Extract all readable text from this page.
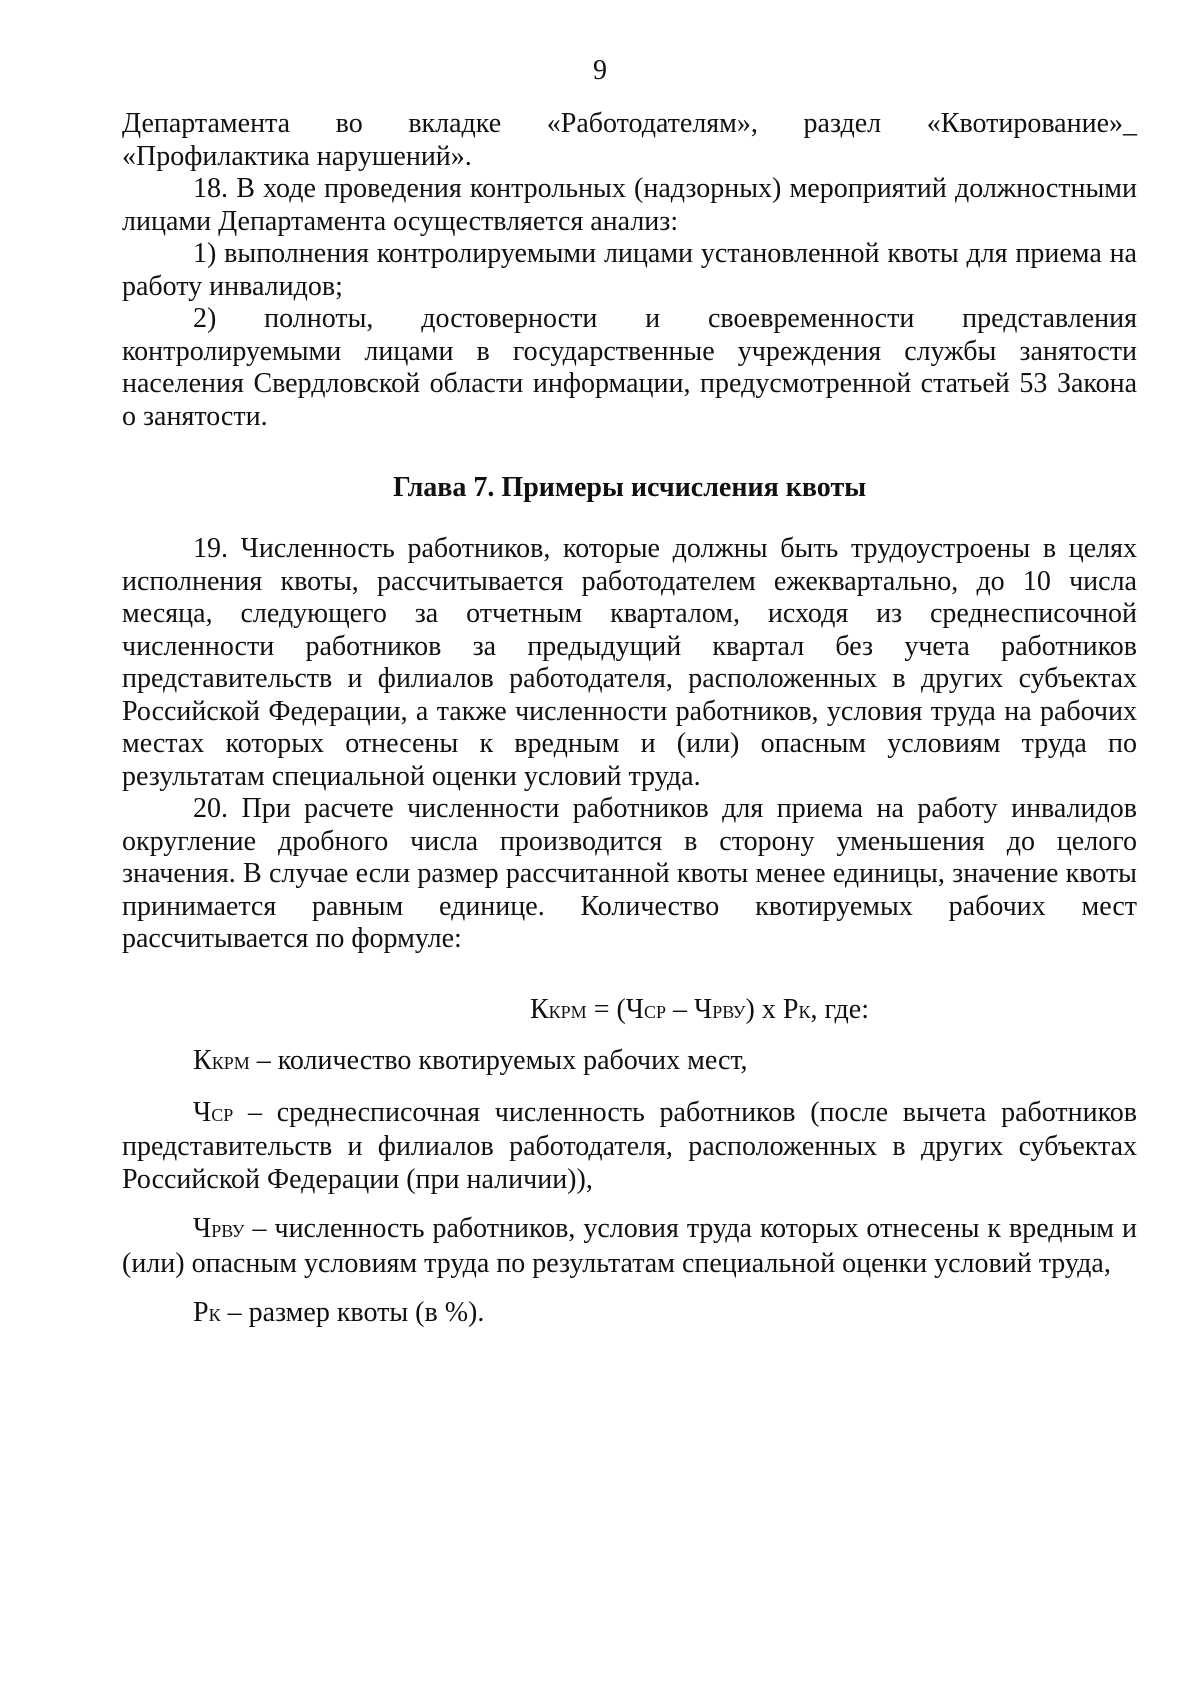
9

Департамента во вкладке «Работодателям», раздел «Квотирование»_ «Профилактика нарушений».

18. В ходе проведения контрольных (надзорных) мероприятий должностными лицами Департамента осуществляется анализ:

1) выполнения контролируемыми лицами установленной квоты для приема на работу инвалидов;

2) полноты, достоверности и своевременности представления контролируемыми лицами в государственные учреждения службы занятости населения Свердловской области информации, предусмотренной статьей 53 Закона о занятости.

Глава 7. Примеры исчисления квоты

19. Численность работников, которые должны быть трудоустроены в целях исполнения квоты, рассчитывается работодателем ежеквартально, до 10 числа месяца, следующего за отчетным кварталом, исходя из среднесписочной численности работников за предыдущий квартал без учета работников представительств и филиалов работодателя, расположенных в других субъектах Российской Федерации, а также численности работников, условия труда на рабочих местах которых отнесены к вредным и (или) опасным условиям труда по результатам специальной оценки условий труда.

20. При расчете численности работников для приема на работу инвалидов округление дробного числа производится в сторону уменьшения до целого значения. В случае если размер рассчитанной квоты менее единицы, значение квоты принимается равным единице. Количество квотируемых рабочих мест рассчитывается по формуле:

ККРМ = (ЧСР – ЧРВУ) х РК, где:

ККРМ – количество квотируемых рабочих мест,

ЧСР – среднесписочная численность работников (после вычета работников представительств и филиалов работодателя, расположенных в других субъектах Российской Федерации (при наличии)),

ЧРВУ – численность работников, условия труда которых отнесены к вредным и (или) опасным условиям труда по результатам специальной оценки условий труда,

РК – размер квоты (в %).
